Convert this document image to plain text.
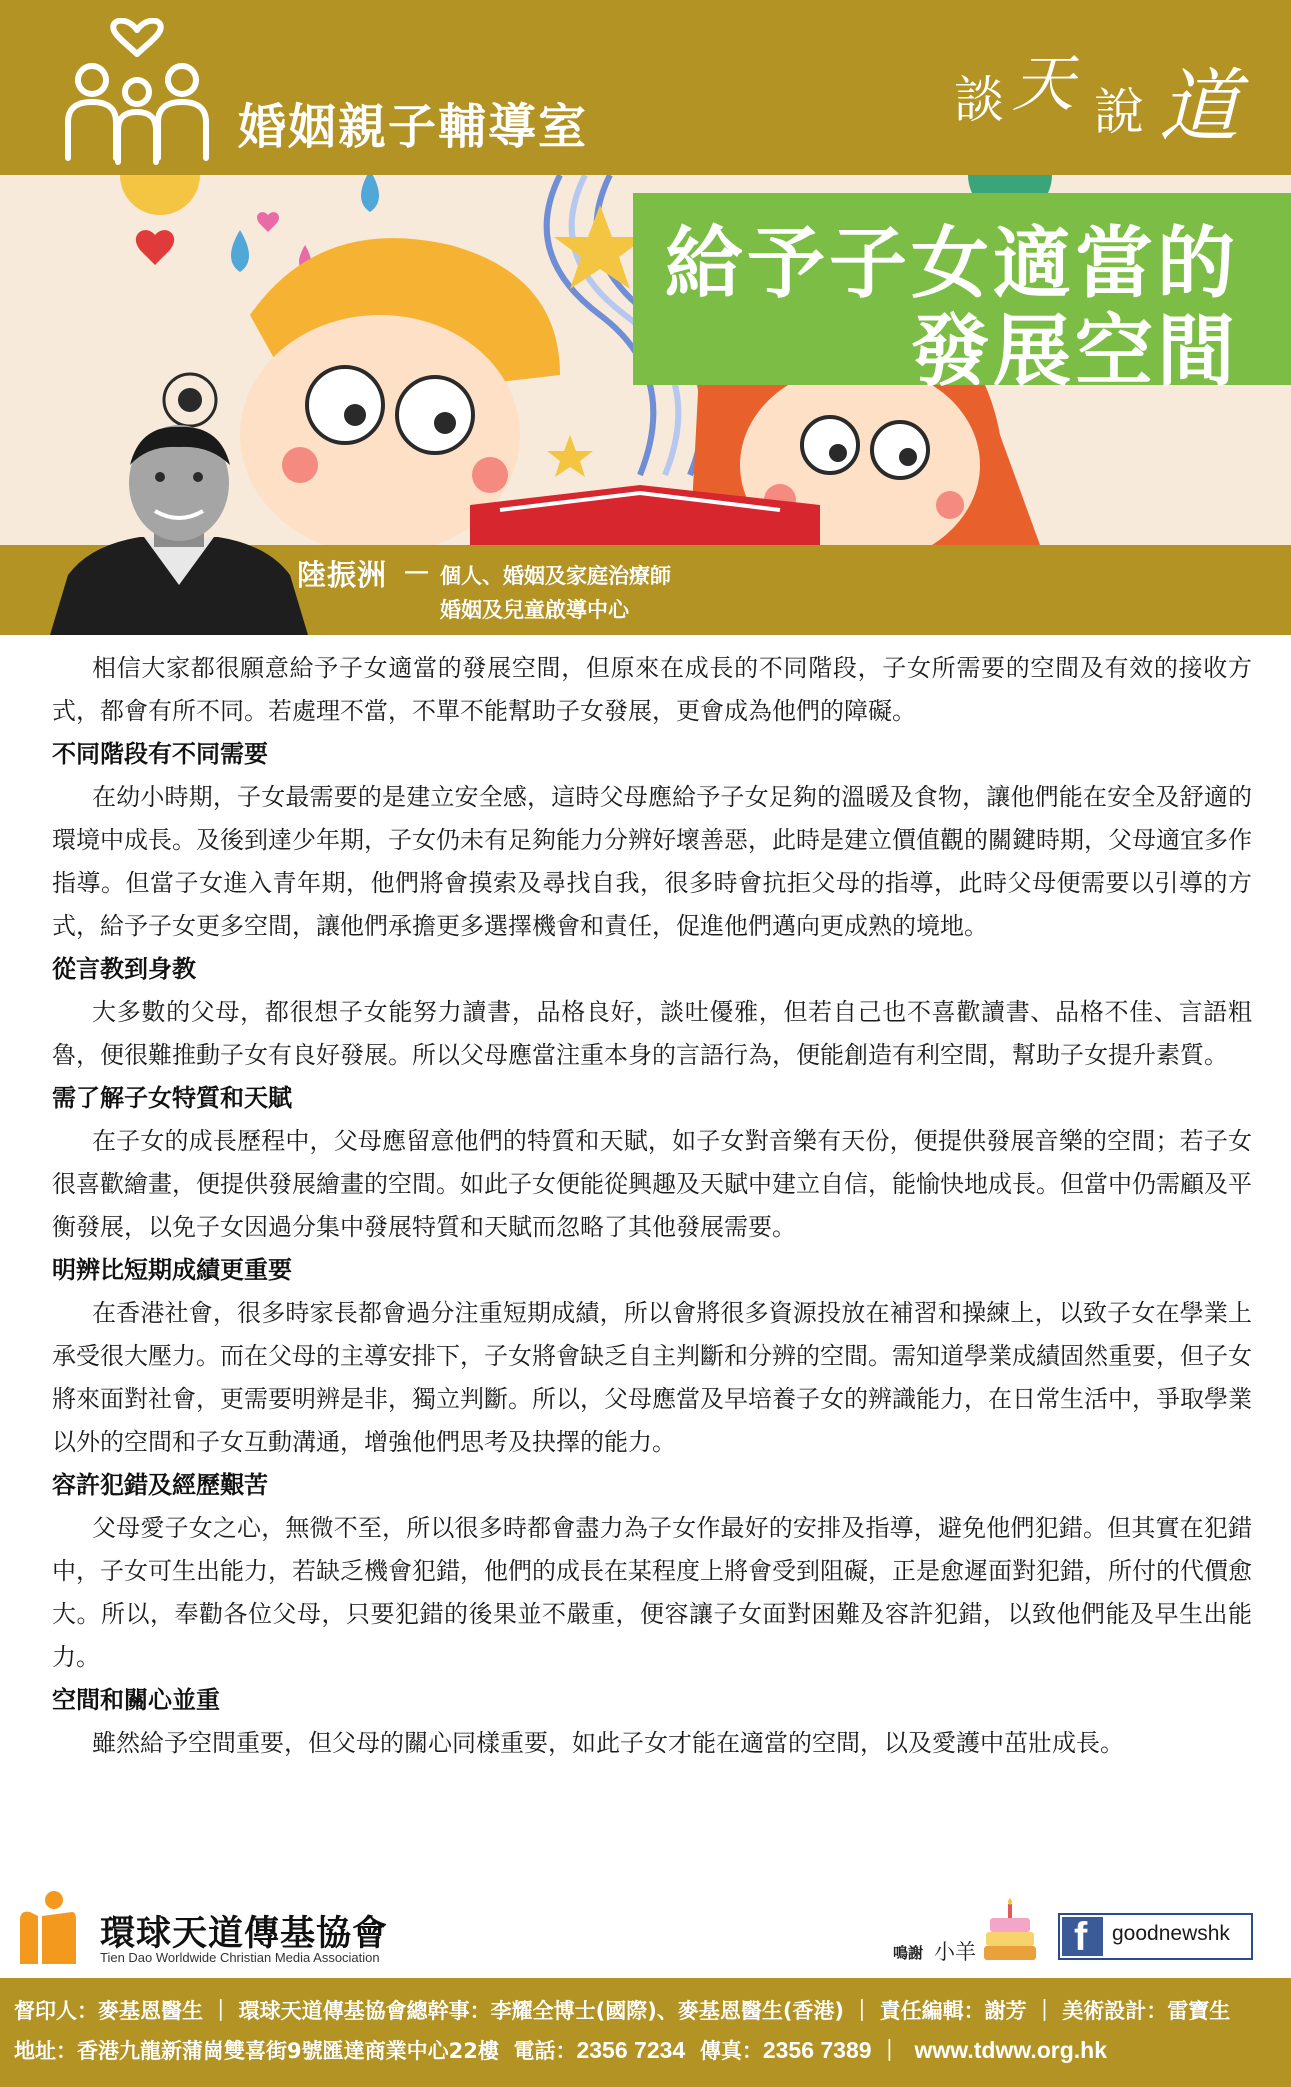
婚姻親子輔導室	談 天 說 道
給予子女適當的
發展空間
陸振洲 － 個人、婚姻及家庭治療師
婚姻及兒童啟導中心

相信大家都很願意給予子女適當的發展空間，但原來在成長的不同階段，子女所需要的空間及有效的接收方式，都會有所不同。若處理不當，不單不能幫助子女發展，更會成為他們的障礙。

不同階段有不同需要

在幼小時期，子女最需要的是建立安全感，這時父母應給予子女足夠的溫暖及食物，讓他們能在安全及舒適的環境中成長。及後到達少年期，子女仍未有足夠能力分辨好壞善惡，此時是建立價值觀的關鍵時期，父母適宜多作指導。但當子女進入青年期，他們將會摸索及尋找自我，很多時會抗拒父母的指導，此時父母便需要以引導的方式，給予子女更多空間，讓他們承擔更多選擇機會和責任，促進他們邁向更成熟的境地。

從言教到身教

大多數的父母，都很想子女能努力讀書，品格良好，談吐優雅，但若自己也不喜歡讀書、品格不佳、言語粗魯，便很難推動子女有良好發展。所以父母應當注重本身的言語行為，便能創造有利空間，幫助子女提升素質。

需了解子女特質和天賦

在子女的成長歷程中，父母應留意他們的特質和天賦，如子女對音樂有天份，便提供發展音樂的空間；若子女很喜歡繪畫，便提供發展繪畫的空間。如此子女便能從興趣及天賦中建立自信，能愉快地成長。但當中仍需顧及平衡發展，以免子女因過分集中發展特質和天賦而忽略了其他發展需要。

明辨比短期成績更重要

在香港社會，很多時家長都會過分注重短期成績，所以會將很多資源投放在補習和操練上，以致子女在學業上承受很大壓力。而在父母的主導安排下，子女將會缺乏自主判斷和分辨的空間。需知道學業成績固然重要，但子女將來面對社會，更需要明辨是非，獨立判斷。所以，父母應當及早培養子女的辨識能力，在日常生活中，爭取學業以外的空間和子女互動溝通，增強他們思考及抉擇的能力。

容許犯錯及經歷艱苦

父母愛子女之心，無微不至，所以很多時都會盡力為子女作最好的安排及指導，避免他們犯錯。但其實在犯錯中，子女可生出能力，若缺乏機會犯錯，他們的成長在某程度上將會受到阻礙，正是愈遲面對犯錯，所付的代價愈大。所以，奉勸各位父母，只要犯錯的後果並不嚴重，便容讓子女面對困難及容許犯錯，以致他們能及早生出能力。

空間和關心並重

雖然給予空間重要，但父母的關心同樣重要，如此子女才能在適當的空間，以及愛護中茁壯成長。

環球天道傳基協會
Tien Dao Worldwide Christian Media Association	鳴謝 小羊 f goodnewshk
督印人：麥基恩醫生 ｜ 環球天道傳基協會總幹事：李耀全博士(國際)、麥基恩醫生(香港) ｜ 責任編輯：謝芳 ｜ 美術設計：雷寶生
地址：香港九龍新蒲崗雙喜街9號匯達商業中心22樓 電話：2356 7234 傳真：2356 7389 ｜  www.tdww.org.hk
